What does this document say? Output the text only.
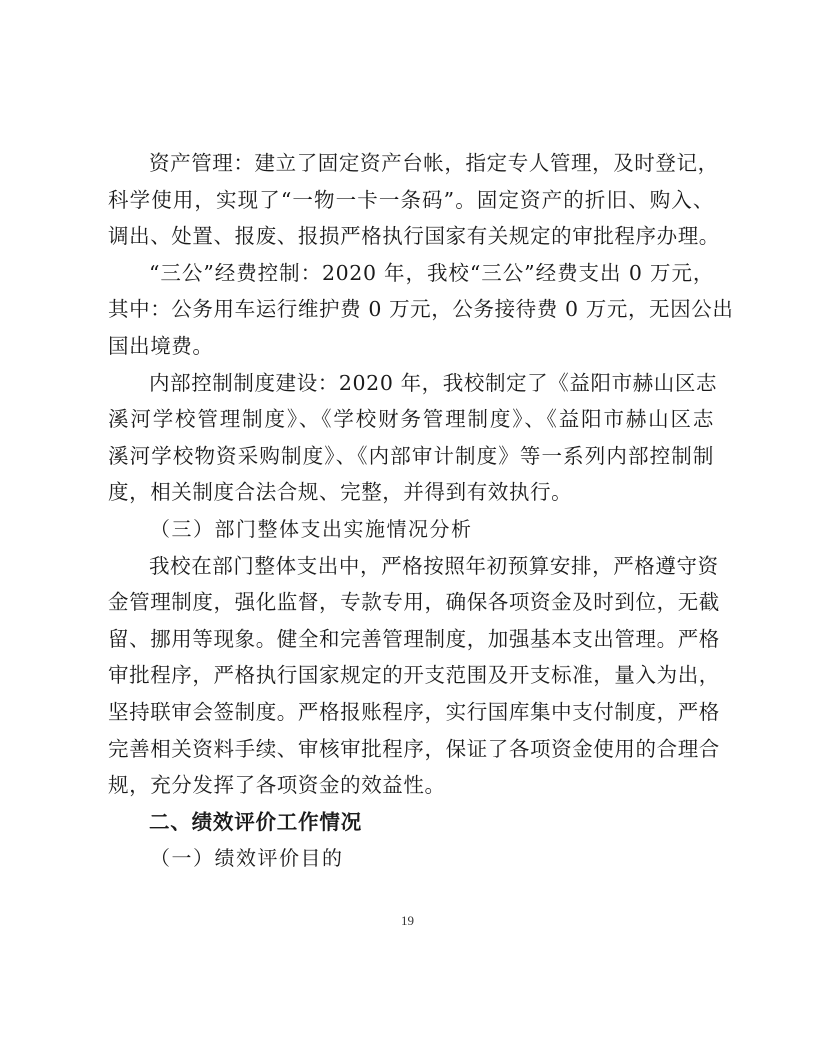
资产管理：建立了固定资产台帐，指定专人管理，及时登记，
科学使用，实现了“一物一卡一条码”。固定资产的折旧、购入、
调出、处置、报废、报损严格执行国家有关规定的审批程序办理。

“三公”经费控制：2020 年，我校“三公”经费支出 0 万元，
其中：公务用车运行维护费 0 万元，公务接待费 0 万元，无因公出
国出境费。

内部控制制度建设：2020 年，我校制定了《益阳市赫山区志
溪河学校管理制度》、《学校财务管理制度》、《益阳市赫山区志
溪河学校物资采购制度》、《内部审计制度》等一系列内部控制制
度，相关制度合法合规、完整，并得到有效执行。

（三）部门整体支出实施情况分析

我校在部门整体支出中，严格按照年初预算安排，严格遵守资
金管理制度，强化监督，专款专用，确保各项资金及时到位，无截
留、挪用等现象。健全和完善管理制度，加强基本支出管理。严格
审批程序，严格执行国家规定的开支范围及开支标准，量入为出，
坚持联审会签制度。严格报账程序，实行国库集中支付制度，严格
完善相关资料手续、审核审批程序，保证了各项资金使用的合理合
规，充分发挥了各项资金的效益性。

二、绩效评价工作情况

（一）绩效评价目的

19
